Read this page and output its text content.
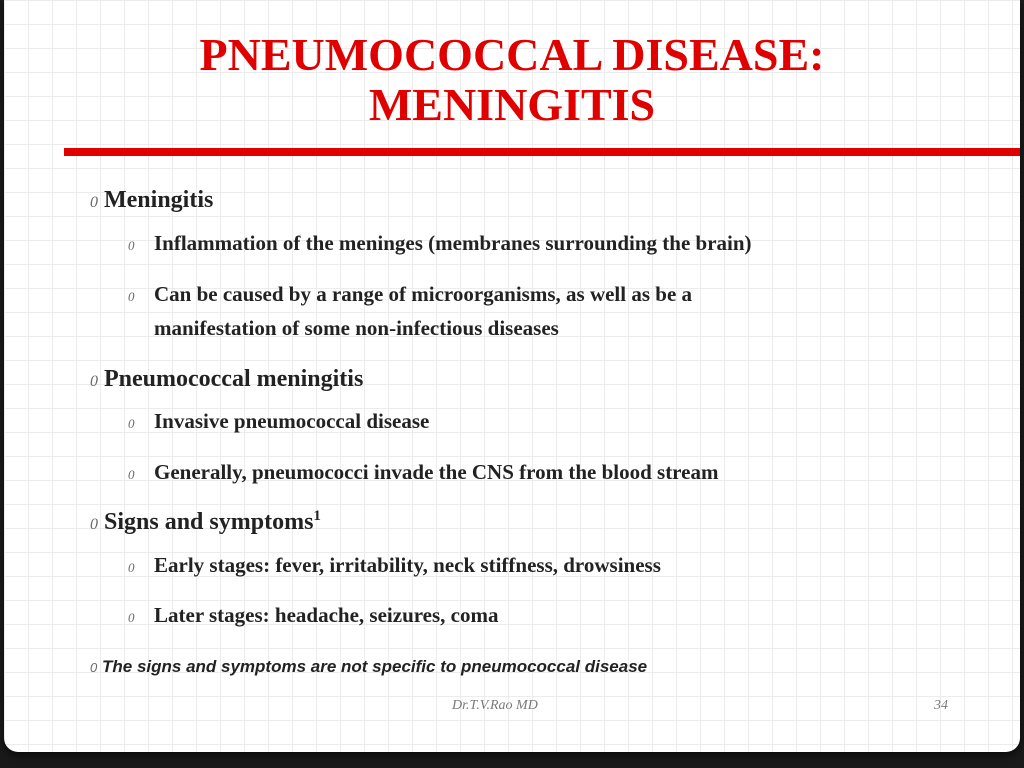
PNEUMOCOCCAL DISEASE:
MENINGITIS
0 Meningitis
0 Inflammation of the meninges (membranes surrounding the brain)
0 Can be caused by a range of microorganisms, as well as be a
manifestation of some non-infectious diseases
0 Pneumococcal meningitis
0 Invasive pneumococcal disease
0 Generally, pneumococci invade the CNS from the blood stream
0 Signs and symptoms$^1$
0 Early stages: fever, irritability, neck stiffness, drowsiness
0 Later stages: headache, seizures, coma
0 The signs and symptoms are not specific to pneumococcal disease
Dr.T.V.Rao MD	34
